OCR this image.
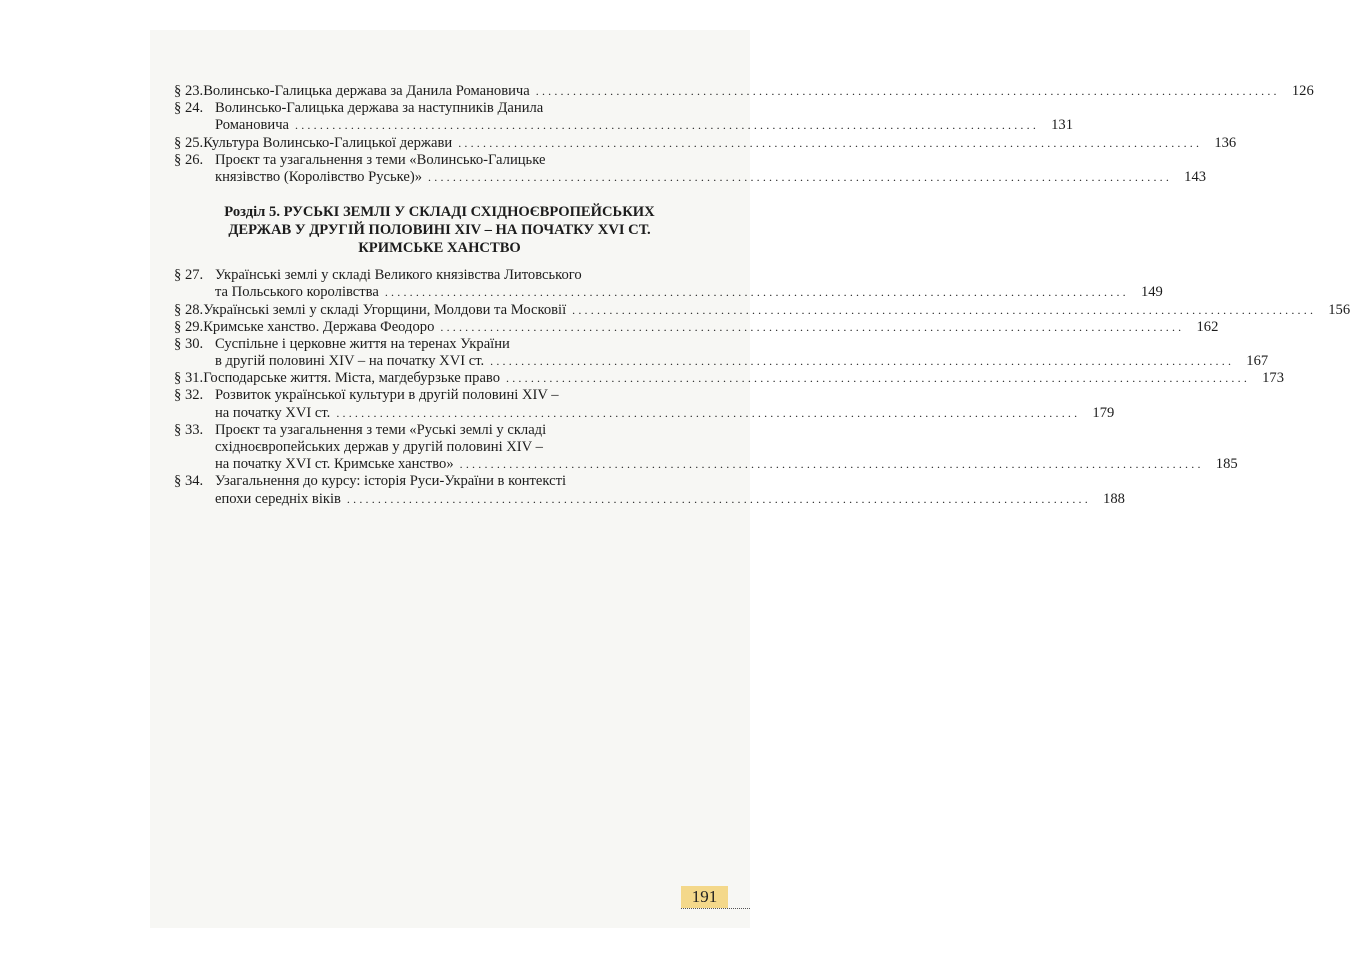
§ 23. Волинсько-Галицька держава за Данила Романовича ........................................................................................................................ 126
§ 24. Волинсько-Галицька держава за наступників Данила
Романовича ........................................................................................................................ 131
§ 25. Культура Волинсько-Галицької держави ........................................................................................................................ 136
§ 26. Проєкт та узагальнення з теми «Волинсько-Галицьке
князівство (Королівство Руське)» ........................................................................................................................ 143
Розділ 5. РУСЬКІ ЗЕМЛІ У СКЛАДІ СХІДНОЄВРОПЕЙСЬКИХ
ДЕРЖАВ У ДРУГІЙ ПОЛОВИНІ XIV – НА ПОЧАТКУ XVI СТ.
КРИМСЬКЕ ХАНСТВО
§ 27. Українські землі у складі Великого князівства Литовського
та Польського королівства ........................................................................................................................ 149
§ 28. Українські землі у складі Угорщини, Молдови та Московії ........................................................................................................................ 156
§ 29. Кримське ханство. Держава Феодоро ........................................................................................................................ 162
§ 30. Суспільне і церковне життя на теренах України
в другій половині XIV – на початку XVI ст. ........................................................................................................................ 167
§ 31. Господарське життя. Міста, магдебурзьке право ........................................................................................................................ 173
§ 32. Розвиток української культури в другій половині XIV –
на початку XVI ст. ........................................................................................................................ 179
§ 33. Проєкт та узагальнення з теми «Руські землі у складі
східноєвропейських держав у другій половині XIV –
на початку XVI ст. Кримське ханство» ........................................................................................................................ 185
§ 34. Узагальнення до курсу: історія Руси-України в контексті
епохи середніх віків ........................................................................................................................ 188
191
